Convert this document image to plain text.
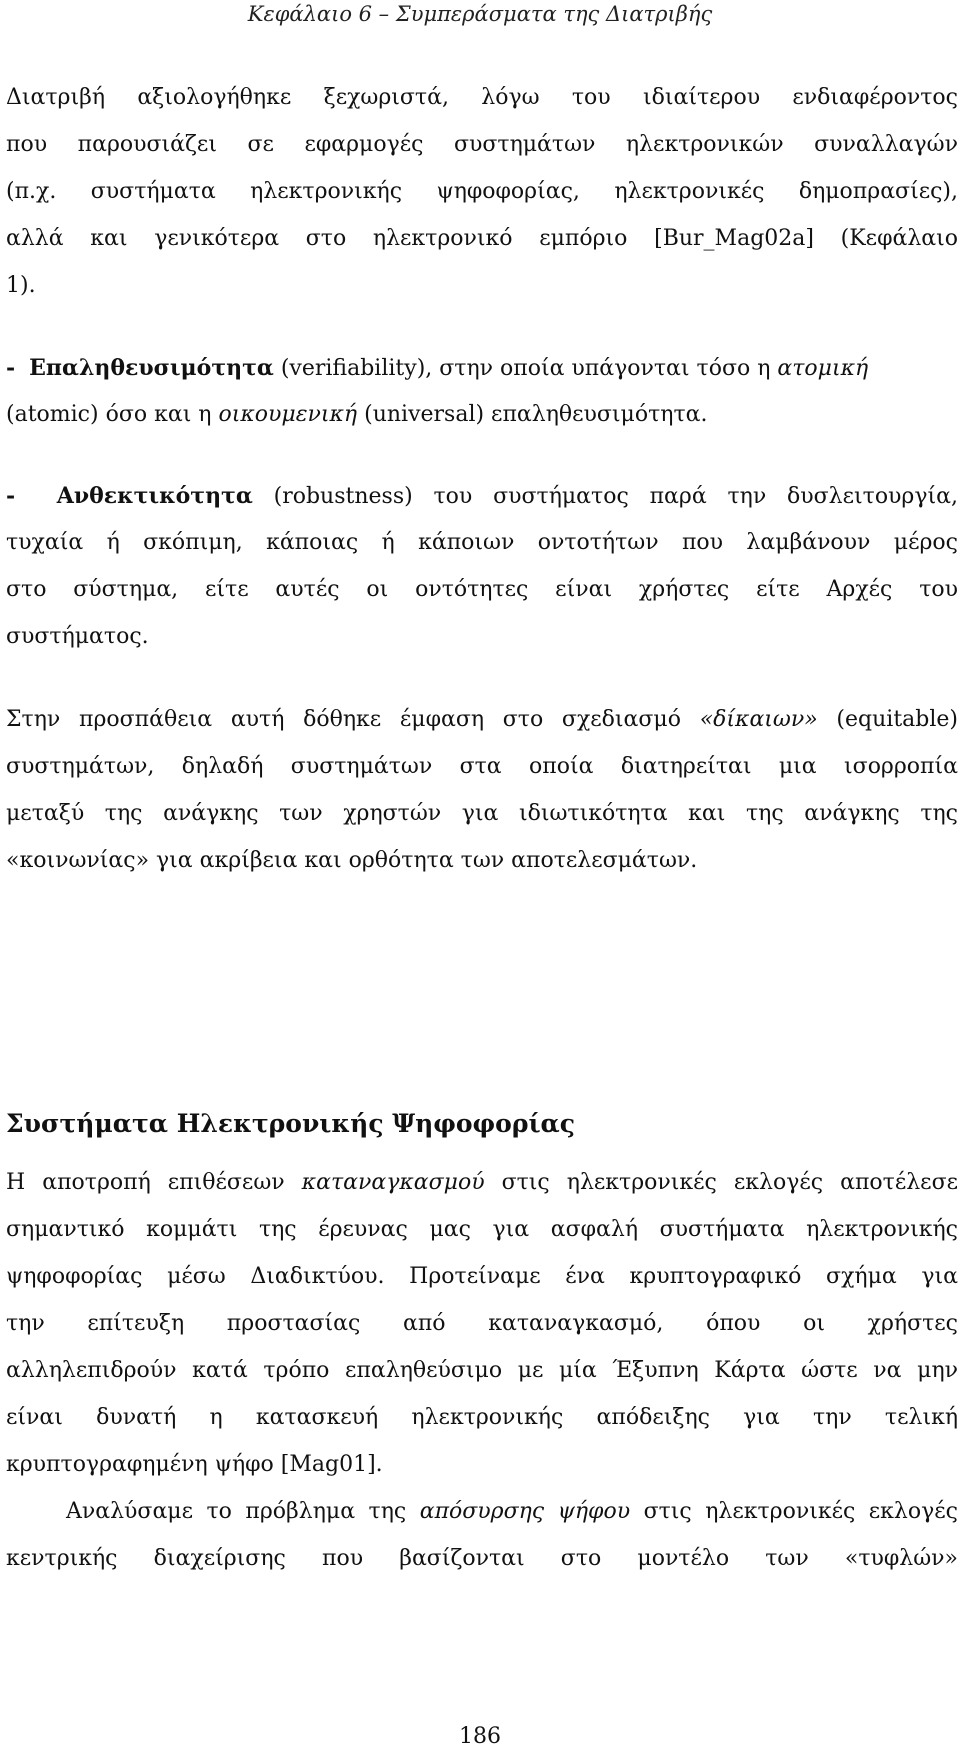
Κεφάλαιο 6 – Συμπεράσματα της Διατριβής
Διατριβή αξιολογήθηκε ξεχωριστά, λόγω του ιδιαίτερου ενδιαφέροντος
που παρουσιάζει σε εφαρμογές συστημάτων ηλεκτρονικών συναλλαγών
(π.χ. συστήματα ηλεκτρονικής ψηφοφορίας, ηλεκτρονικές δημοπρασίες),
αλλά και γενικότερα στο ηλεκτρονικό εμπόριο [Bur_Mag02a] (Κεφάλαιο
1).
- Επαληθευσιμότητα (verifiability), στην οποία υπάγονται τόσο η ατομική
(atomic) όσο και η οικουμενική (universal) επαληθευσιμότητα.
- Ανθεκτικότητα (robustness) του συστήματος παρά την δυσλειτουργία,
τυχαία ή σκόπιμη, κάποιας ή κάποιων οντοτήτων που λαμβάνουν μέρος
στο σύστημα, είτε αυτές οι οντότητες είναι χρήστες είτε Αρχές του
συστήματος.
Στην προσπάθεια αυτή δόθηκε έμφαση στο σχεδιασμό «δίκαιων» (equitable)
συστημάτων, δηλαδή συστημάτων στα οποία διατηρείται μια ισορροπία
μεταξύ της ανάγκης των χρηστών για ιδιωτικότητα και της ανάγκης της
«κοινωνίας» για ακρίβεια και ορθότητα των αποτελεσμάτων.
Συστήματα Ηλεκτρονικής Ψηφοφορίας
Η αποτροπή επιθέσεων καταναγκασμού στις ηλεκτρονικές εκλογές αποτέλεσε
σημαντικό κομμάτι της έρευνας μας για ασφαλή συστήματα ηλεκτρονικής
ψηφοφορίας μέσω Διαδικτύου. Προτείναμε ένα κρυπτογραφικό σχήμα για
την επίτευξη προστασίας από καταναγκασμό, όπου οι χρήστες
αλληλεπιδρούν κατά τρόπο επαληθεύσιμο με μία Έξυπνη Κάρτα ώστε να μην
είναι δυνατή η κατασκευή ηλεκτρονικής απόδειξης για την τελική
κρυπτογραφημένη ψήφο [Mag01].
Αναλύσαμε το πρόβλημα της απόσυρσης ψήφου στις ηλεκτρονικές εκλογές
κεντρικής διαχείρισης που βασίζονται στο μοντέλο των «τυφλών»
186
